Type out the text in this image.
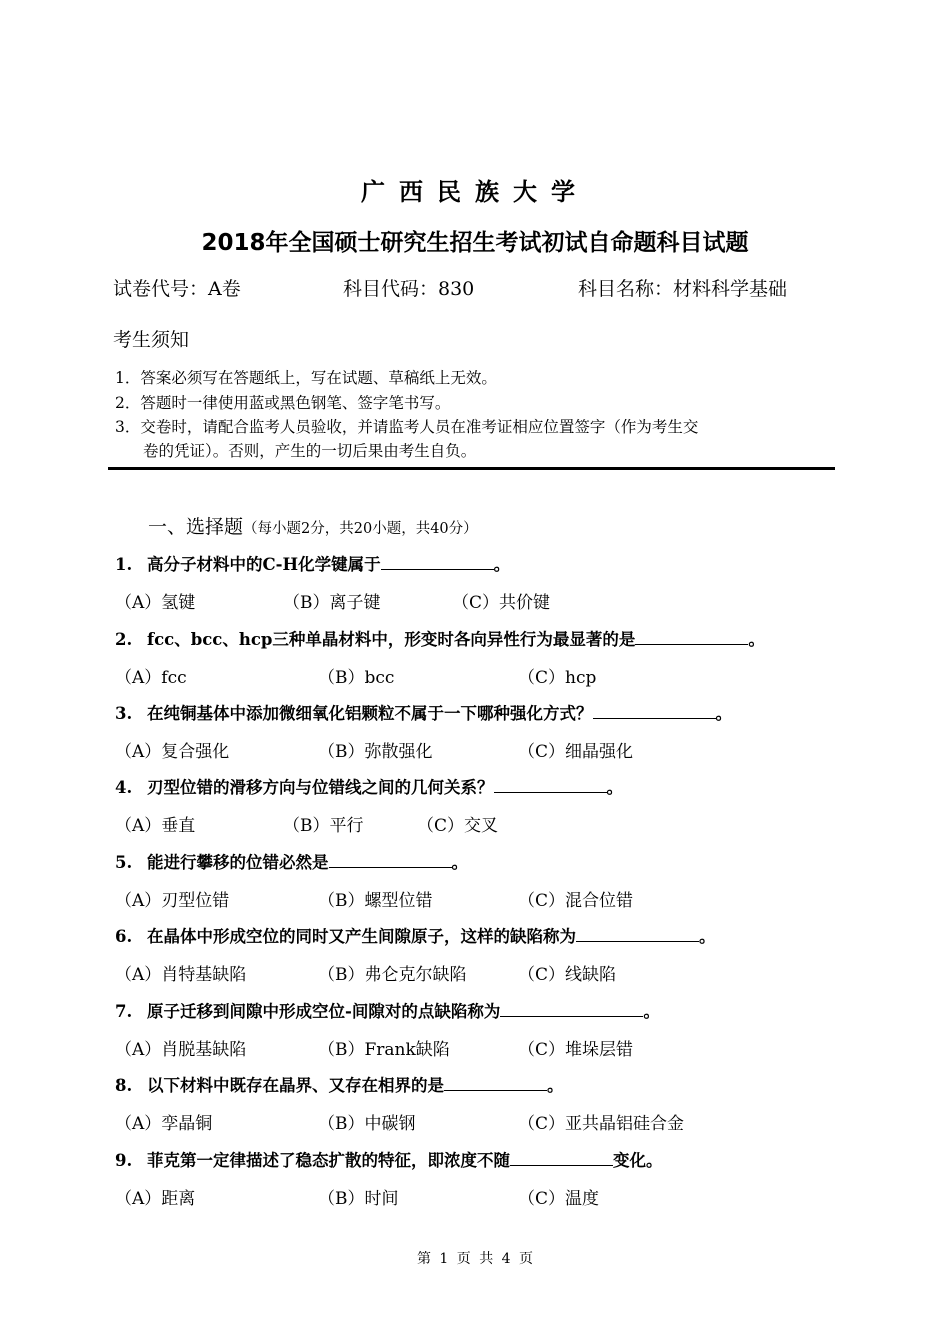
广西民族大学
2018年全国硕士研究生招生考试初试自命题科目试题
试卷代号：A卷	科目代码：830	科目名称：材料科学基础
考生须知
1．答案必须写在答题纸上，写在试题、草稿纸上无效。
2．答题时一律使用蓝或黑色钢笔、签字笔书写。
3．交卷时，请配合监考人员验收，并请监考人员在准考证相应位置签字（作为考生交
卷的凭证）。否则，产生的一切后果由考生自负。
一、选择题（每小题2分，共20小题，共40分）
1. 高分子材料中的C-H化学键属于	。
（A）氢键	（B）离子键	（C）共价键
2. fcc、bcc、hcp三种单晶材料中，形变时各向异性行为最显著的是	。
（A）fcc	（B）bcc	（C）hcp
3. 在纯铜基体中添加微细氧化铝颗粒不属于一下哪种强化方式？	。
（A）复合强化	（B）弥散强化	（C）细晶强化
4. 刃型位错的滑移方向与位错线之间的几何关系？	。
（A）垂直	（B）平行	（C）交叉
5. 能进行攀移的位错必然是	。
（A）刃型位错	（B）螺型位错	（C）混合位错
6. 在晶体中形成空位的同时又产生间隙原子，这样的缺陷称为	。
（A）肖特基缺陷	（B）弗仑克尔缺陷	（C）线缺陷
7. 原子迁移到间隙中形成空位-间隙对的点缺陷称为	。
（A）肖脱基缺陷	（B）Frank缺陷	（C）堆垛层错
8. 以下材料中既存在晶界、又存在相界的是	。
（A）孪晶铜	（B）中碳钢	（C）亚共晶铝硅合金
9. 菲克第一定律描述了稳态扩散的特征，即浓度不随	变化。
（A）距离	（B）时间	（C）温度
第 1 页 共 4 页
